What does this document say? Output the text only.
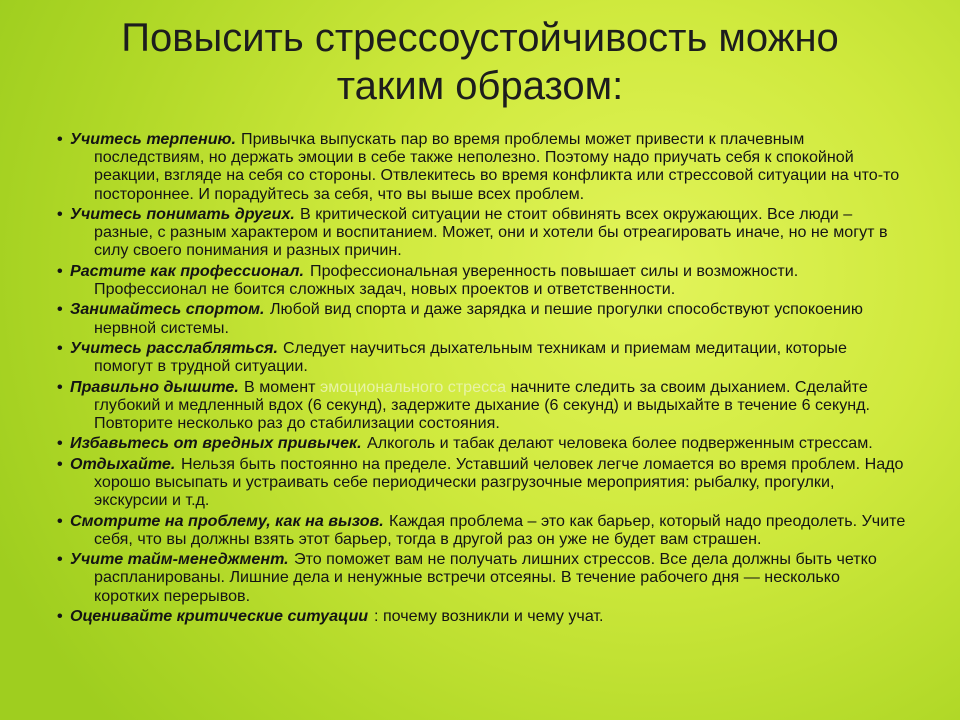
Повысить стрессоустойчивость можно
таким образом:
• Учитесь терпению. Привычка выпускать пар во время проблемы может привести к плачевным последствиям, но держать эмоции в себе также неполезно. Поэтому надо приучать себя к спокойной реакции, взгляде на себя со стороны. Отвлекитесь во время конфликта или стрессовой ситуации на что-то постороннее. И порадуйтесь за себя, что вы выше всех проблем.
• Учитесь понимать других. В критической ситуации не стоит обвинять всех окружающих. Все люди – разные, с разным характером и воспитанием. Может, они и хотели бы отреагировать иначе, но не могут в силу своего понимания и разных причин.
• Растите как профессионал. Профессиональная уверенность повышает силы и возможности. Профессионал не боится сложных задач, новых проектов и ответственности.
• Занимайтесь спортом. Любой вид спорта и даже зарядка и пешие прогулки способствуют успокоению нервной системы.
• Учитесь расслабляться. Следует научиться дыхательным техникам и приемам медитации, которые помогут в трудной ситуации.
• Правильно дышите. В момент эмоционального стресса начните следить за своим дыханием. Сделайте глубокий и медленный вдох (6 секунд), задержите дыхание (6 секунд) и выдыхайте в течение 6 секунд. Повторите несколько раз до стабилизации состояния.
• Избавьтесь от вредных привычек. Алкоголь и табак делают человека более подверженным стрессам.
• Отдыхайте. Нельзя быть постоянно на пределе. Уставший человек легче ломается во время проблем. Надо хорошо высыпать и устраивать себе периодически разгрузочные мероприятия: рыбалку, прогулки, экскурсии и т.д.
• Смотрите на проблему, как на вызов. Каждая проблема – это как барьер, который надо преодолеть. Учите себя, что вы должны взять этот барьер, тогда в другой раз он уже не будет вам страшен.
• Учите тайм-менеджмент. Это поможет вам не получать лишних стрессов. Все дела должны быть четко распланированы. Лишние дела и ненужные встречи отсеяны. В течение рабочего дня — несколько коротких перерывов.
• Оценивайте критические ситуации : почему возникли и чему учат.
